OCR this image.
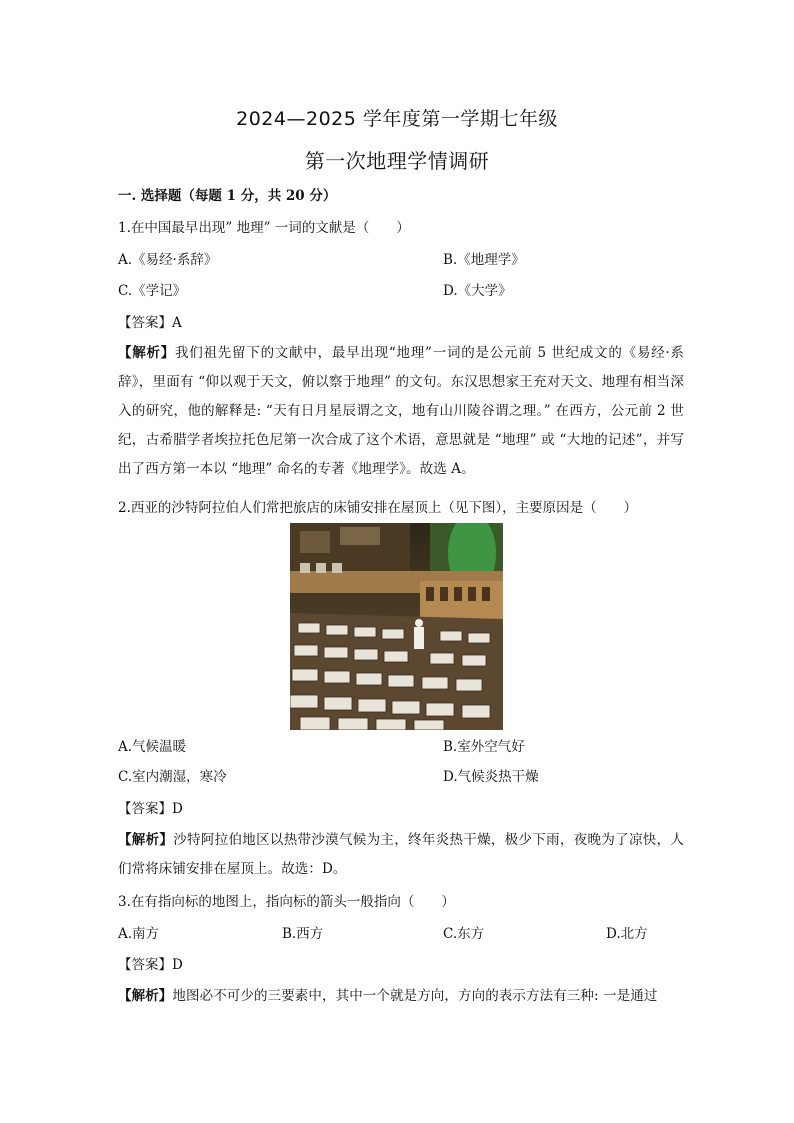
2024—2025 学年度第一学期七年级
第一次地理学情调研
一. 选择题（每题 1 分，共 20 分）
1.在中国最早出现” 地理” 一词的文献是（　　）
A.《易经·系辞》	B.《地理学》
C.《学记》	D.《大学》
【答案】A
【解析】我们祖先留下的文献中，最早出现“地理”一词的是公元前 5 世纪成文的《易经·系辞》，里面有 “仰以观于天文，俯以察于地理” 的文句。东汉思想家王充对天文、地理有相当深入的研究，他的解释是: “天有日月星辰谓之文，地有山川陵谷谓之理。” 在西方，公元前 2 世纪，古希腊学者埃拉托色尼第一次合成了这个术语，意思就是 “地理” 或 “大地的记述”，并写出了西方第一本以 “地理” 命名的专著《地理学》。故选 A。
2.西亚的沙特阿拉伯人们常把旅店的床铺安排在屋顶上（见下图），主要原因是（　　）
A.气候温暖	B.室外空气好
C.室内潮湿，寒冷	D.气候炎热干燥
【答案】D
【解析】沙特阿拉伯地区以热带沙漠气候为主，终年炎热干燥，极少下雨，夜晚为了凉快，人们常将床铺安排在屋顶上。故选：D。
3.在有指向标的地图上，指向标的箭头一般指向（　　）
A.南方	B.西方	C.东方	D.北方
【答案】D
【解析】地图必不可少的三要素中，其中一个就是方向，方向的表示方法有三种: 一是通过
